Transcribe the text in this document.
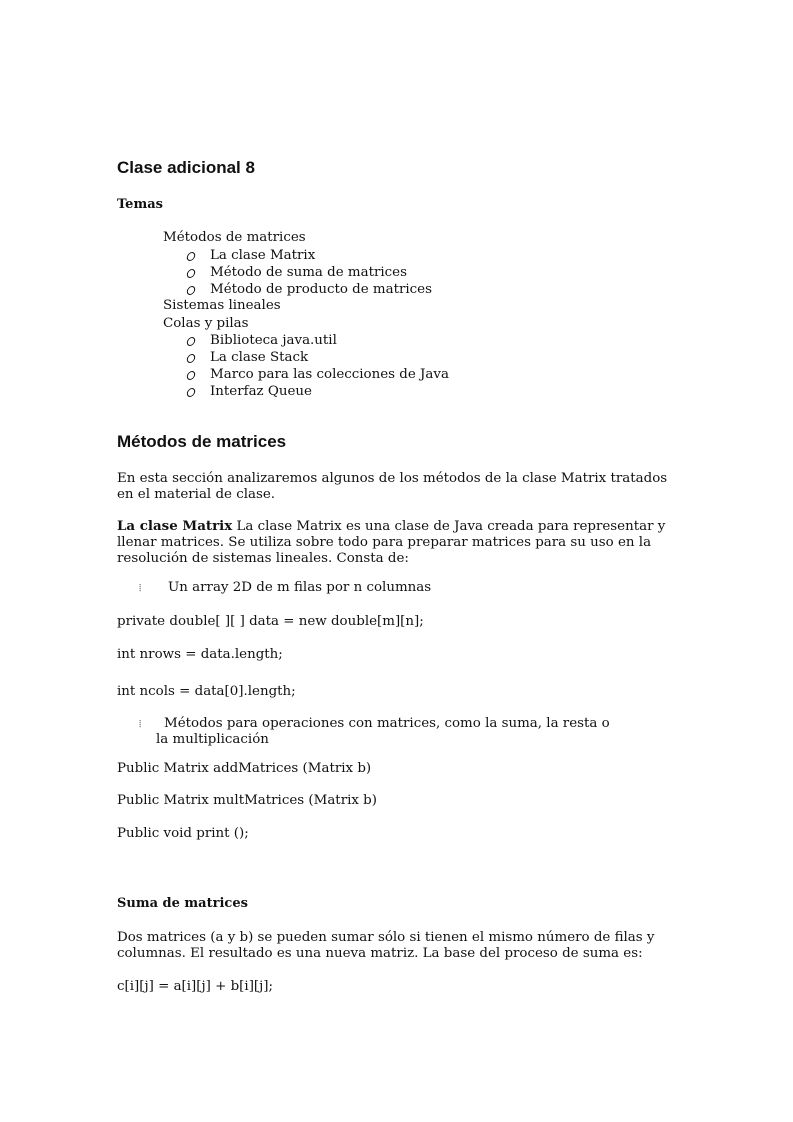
Clase adicional 8
Temas
Métodos de matrices
La clase Matrix
Método de suma de matrices
Método de producto de matrices
Sistemas lineales
Colas y pilas
Biblioteca java.util
La clase Stack
Marco para las colecciones de Java
Interfaz Queue
Métodos de matrices
En esta sección analizaremos algunos de los métodos de la clase Matrix tratados en el material de clase.
La clase Matrix La clase Matrix es una clase de Java creada para representar y llenar matrices. Se utiliza sobre todo para preparar matrices para su uso en la resolución de sistemas lineales. Consta de:
⦙ Un array 2D de m filas por n columnas
private double[ ][ ] data = new double[m][n];
int nrows = data.length;
int ncols = data[0].length;
⦙	Métodos para operaciones con matrices, como la suma, la resta o la multiplicación
Public Matrix addMatrices (Matrix b)
Public Matrix multMatrices (Matrix b)
Public void print ();
Suma de matrices
Dos matrices (a y b) se pueden sumar sólo si tienen el mismo número de filas y columnas. El resultado es una nueva matriz. La base del proceso de suma es:
c[i][j] = a[i][j] + b[i][j];
